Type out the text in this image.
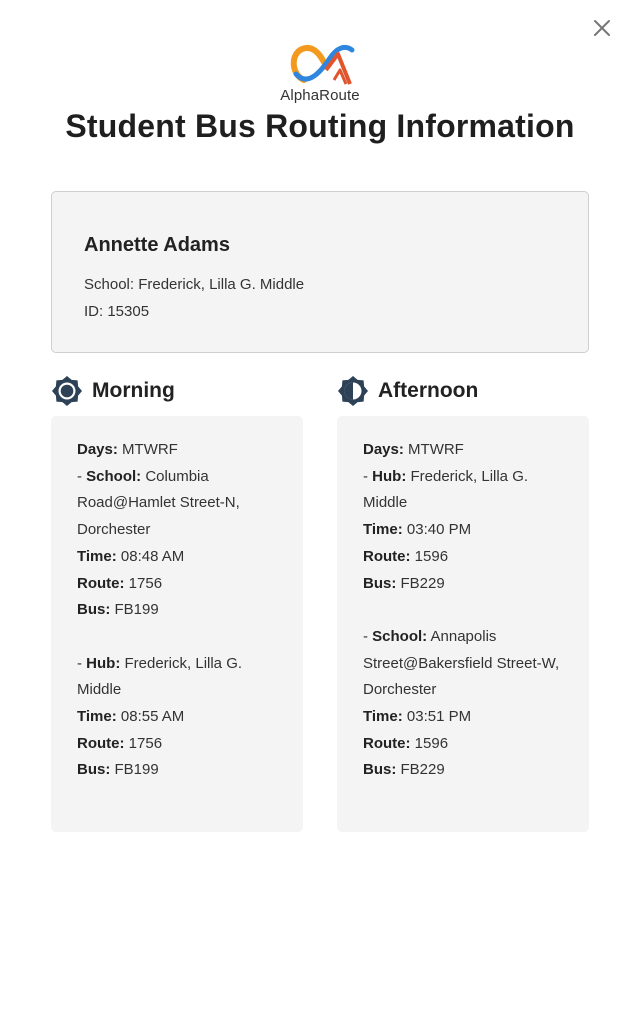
AlphaRoute
Student Bus Routing Information
Annette Adams
School: Frederick, Lilla G. Middle
ID: 15305
Morning
Days: MTWRF
- School: Columbia Road@Hamlet Street-N, Dorchester
Time: 08:48 AM
Route: 1756
Bus: FB199
- Hub: Frederick, Lilla G. Middle
Time: 08:55 AM
Route: 1756
Bus: FB199
Afternoon
Days: MTWRF
- Hub: Frederick, Lilla G. Middle
Time: 03:40 PM
Route: 1596
Bus: FB229
- School: Annapolis Street@Bakersfield Street-W, Dorchester
Time: 03:51 PM
Route: 1596
Bus: FB229
